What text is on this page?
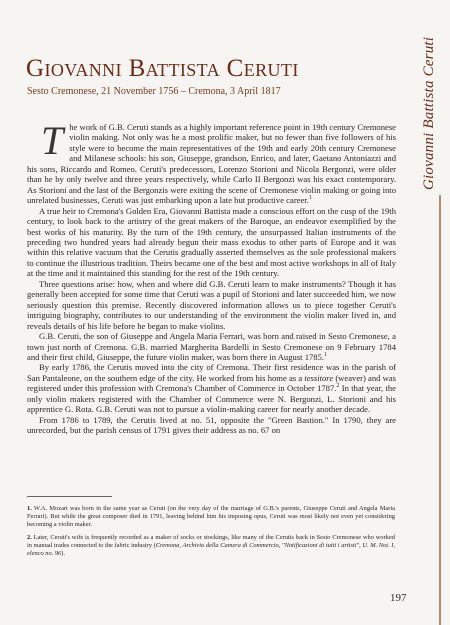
Giovanni Battista Ceruti
Giovanni Battista Ceruti
Sesto Cremonese, 21 November 1756 – Cremona, 3 April 1817

The work of G.B. Ceruti stands as a highly important reference point in 19th century Cremonese violin making. Not only was he a most prolific maker, but no fewer than five followers of his style were to become the main representatives of the 19th and early 20th century Cremonese and Milanese schools: his son, Giuseppe, grandson, Enrico, and later, Gaetano Antoniazzi and his sons, Riccardo and Romeo. Ceruti's predecessors, Lorenzo Storioni and Nicola Bergonzi, were older than he by only twelve and three years respectively, while Carlo II Bergonzi was his exact contemporary. As Storioni and the last of the Bergonzis were exiting the scene of Cremonese violin making or going into unrelated businesses, Ceruti was just embarking upon a late but productive career.$^1$

A true heir to Cremona's Golden Era, Giovanni Battista made a conscious effort on the cusp of the 19th century, to look back to the artistry of the great makers of the Baroque, an endeavor exemplified by the best works of his maturity. By the turn of the 19th century, the unsurpassed Italian instruments of the preceding two hundred years had already begun their mass exodus to other parts of Europe and it was within this relative vacuum that the Cerutis gradually asserted themselves as the sole professional makers to continue the illustrious tradition. Theirs became one of the best and most active workshops in all of Italy at the time and it maintained this standing for the rest of the 19th century.

Three questions arise: how, when and where did G.B. Ceruti learn to make instruments? Though it has generally been accepted for some time that Ceruti was a pupil of Storioni and later succeeded him, we now seriously question this premise. Recently discovered information allows us to piece together Ceruti's intriguing biography, contributes to our understanding of the environment the violin maker lived in, and reveals details of his life before he began to make violins.

G.B. Ceruti, the son of Giuseppe and Angela Maria Ferrari, was born and raised in Sesto Cremonese, a town just north of Cremona. G.B. married Margherita Bardelli in Sesto Cremonese on 9 February 1784 and their first child, Giuseppe, the future violin maker, was born there in August 1785.$^1$

By early 1786, the Cerutis moved into the city of Cremona. Their first residence was in the parish of San Pantaleone, on the southern edge of the city. He worked from his home as a tessitore (weaver) and was registered under this profession with Cremona's Chamber of Commerce in October 1787.$^2$ In that year, the only violin makers registered with the Chamber of Commerce were N. Bergonzi, L. Storioni and his apprentice G. Rota. G.B. Ceruti was not to pursue a violin-making career for nearly another decade.

From 1786 to 1789, the Cerutis lived at no. 51, opposite the "Green Bastion." In 1790, they are unrecorded, but the parish census of 1791 gives their address as no. 67 on

1. W.A. Mozart was born in the same year as Ceruti (on the very day of the marriage of G.B.'s parents, Giuseppe Ceruti and Angela Maria Ferrari). But while the great composer died in 1791, leaving behind him his imposing opus, Ceruti was most likely not even yet considering becoming a violin maker.

2. Later, Ceruti's wife is frequently recorded as a maker of socks or stockings, like many of the Cerutis back in Sesto Cremonese who worked in manual trades connected to the fabric industry (Cremona, Archivio della Camera di Commercio, "Notificazioni di tutti i artisti", U. M. Not. I, elenco no. 96).

197
